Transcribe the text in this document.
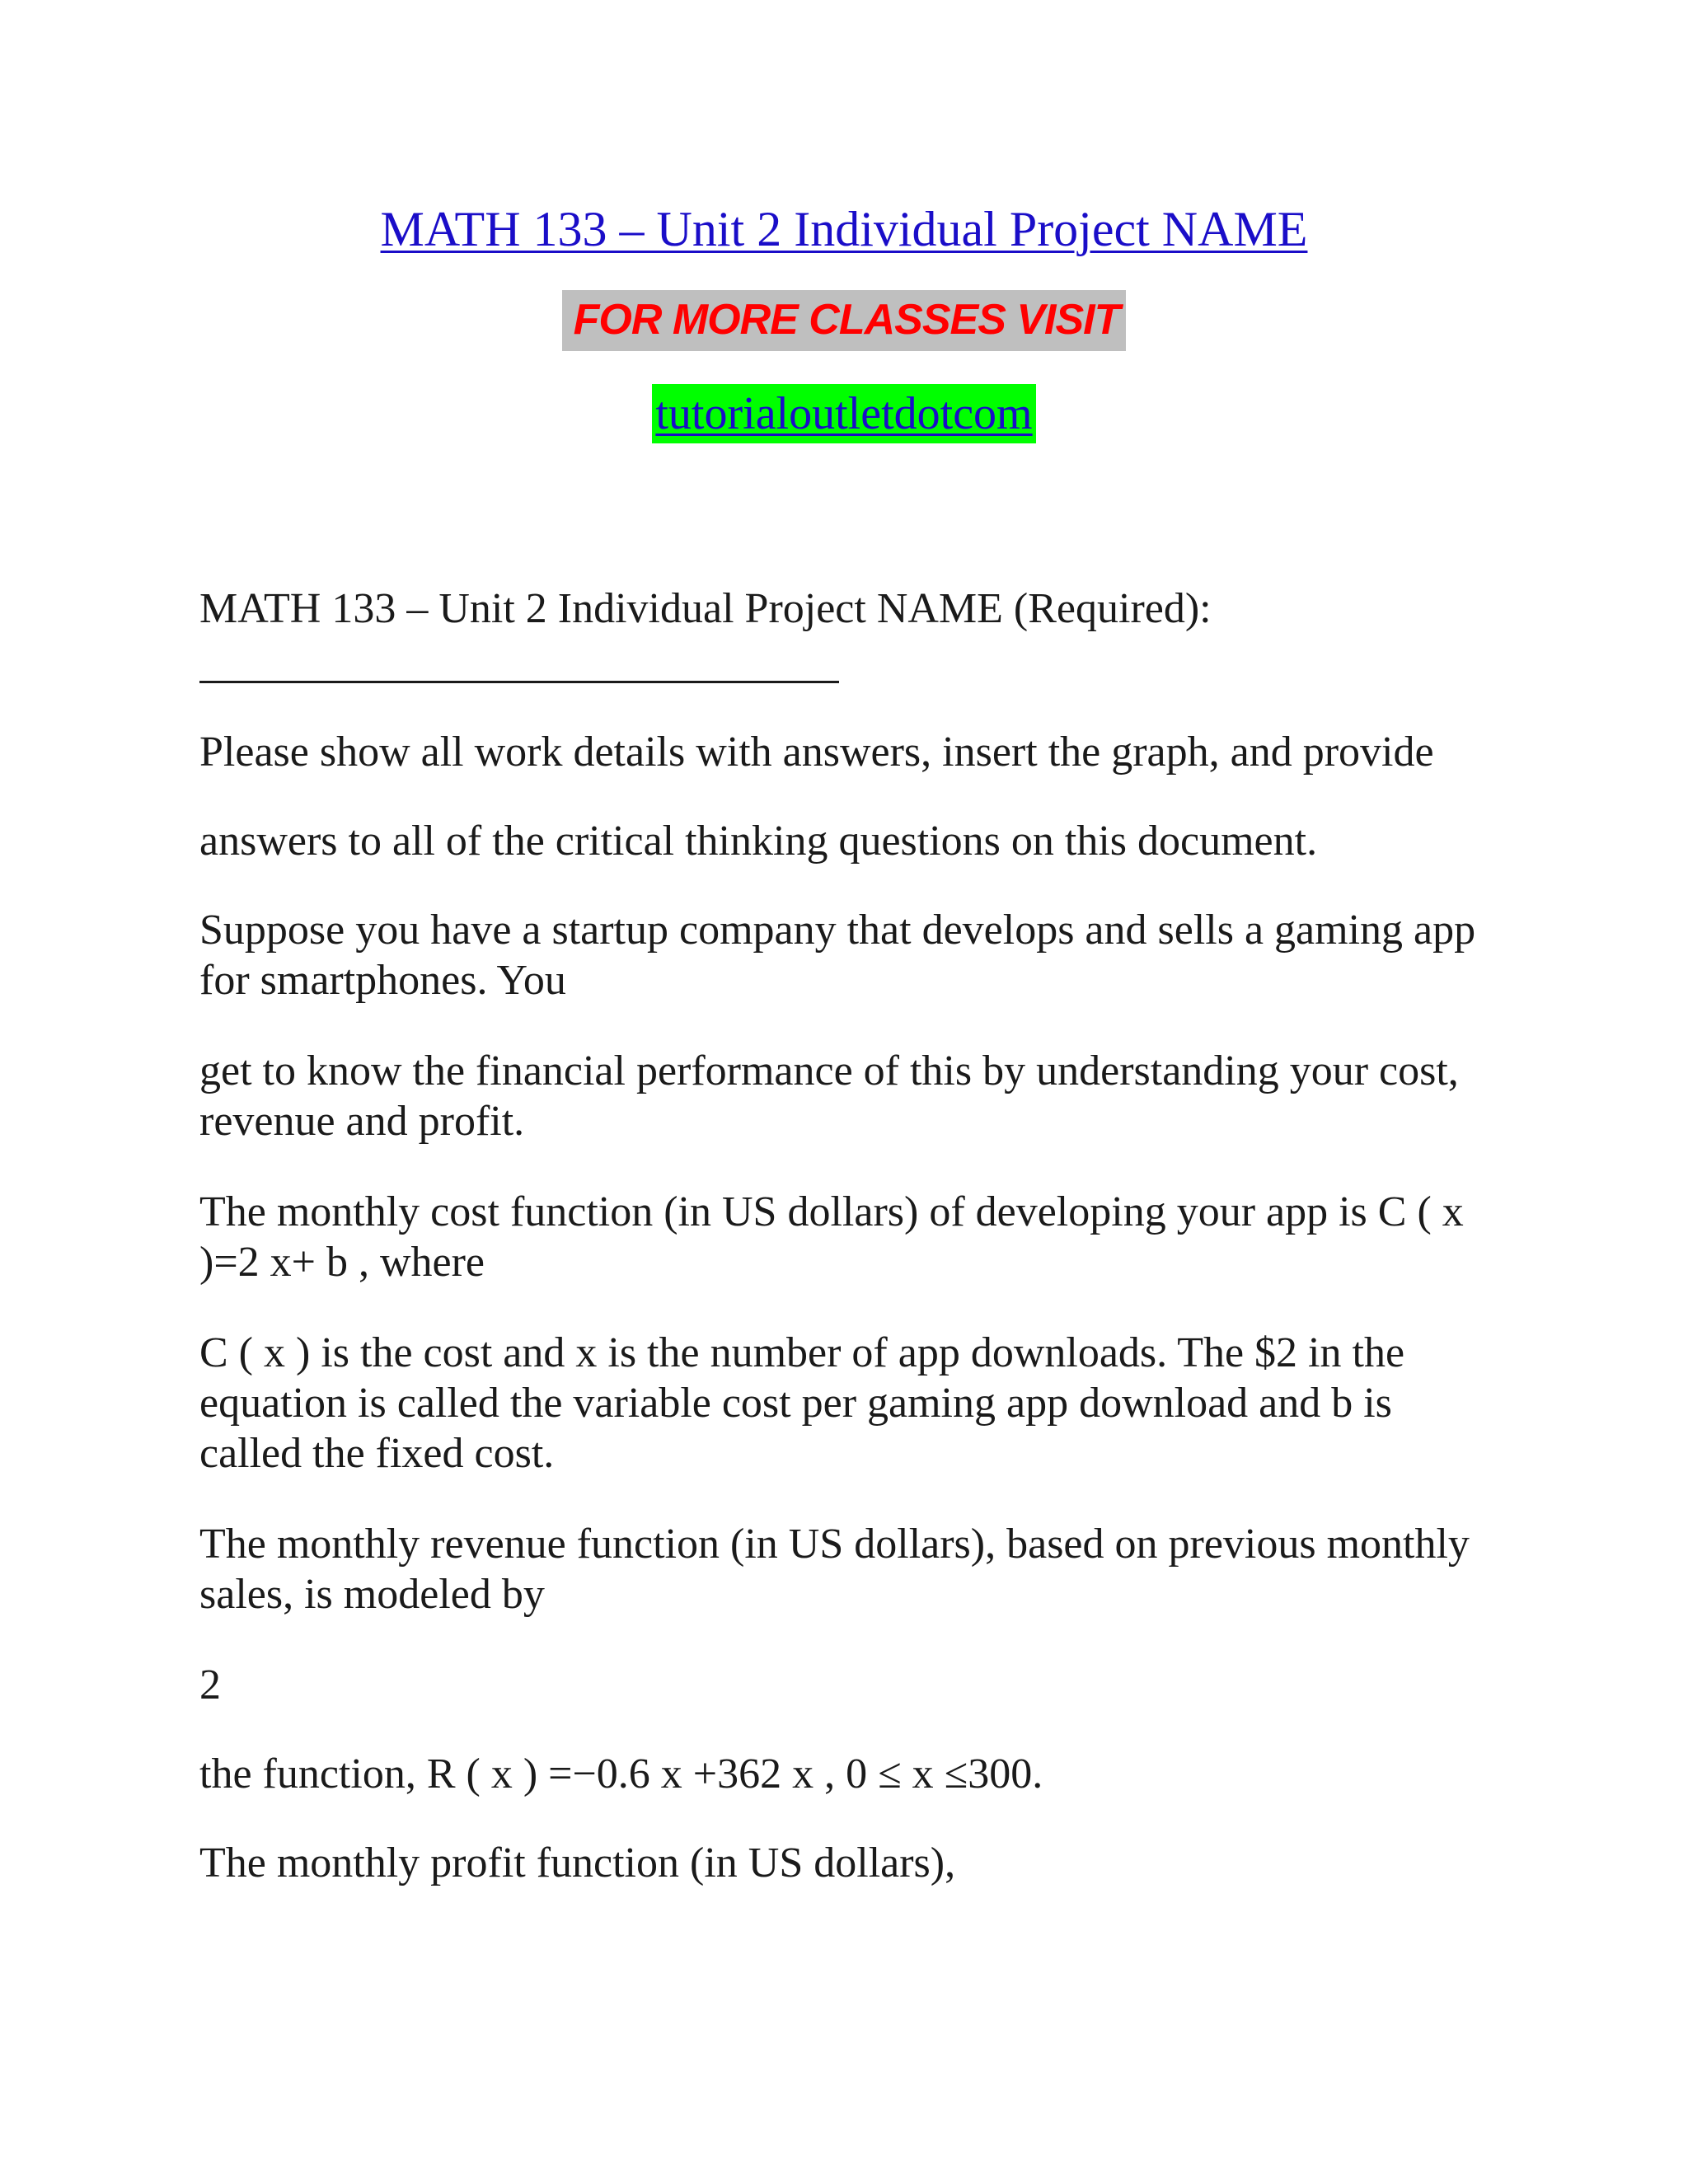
MATH 133 – Unit 2 Individual Project NAME
FOR MORE CLASSES VISIT
tutorialoutletdotcom
MATH 133 – Unit 2 Individual Project NAME (Required):
Please show all work details with answers, insert the graph, and provide
answers to all of the critical thinking questions on this document.
Suppose you have a startup company that develops and sells a gaming app for smartphones. You
get to know the financial performance of this by understanding your cost, revenue and profit.
The monthly cost function (in US dollars) of developing your app is C ( x )=2 x+ b , where
C ( x ) is the cost and x is the number of app downloads. The $2 in the equation is called the variable cost per gaming app download and b is called the fixed cost.
The monthly revenue function (in US dollars), based on previous monthly sales, is modeled by
2
the function, R ( x ) =−0.6 x +362 x , 0 ≤ x ≤300.
The monthly profit function (in US dollars),
